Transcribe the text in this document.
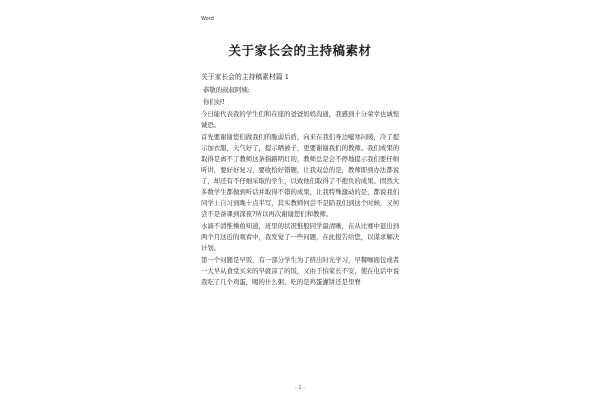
Word
关于家长会的主持稿素材
关于家长会的主持稿素材篇 1

恭敬的叔叔阿姨:

你们好!

今日能代表我的学生们和在座的爸爸妈妈沟通，我感到十分荣幸也诚惶诚恐。

首先要谢谢您们做我们的脆弱后盾，向来在我们身边嘘寒问暖，冷了提示加衣服，天气好了，提示晒被子，更要谢谢我们的教师。我们成果的取得是离不了教师这条指路明灯的，教师总是会不停地提示我们要仔细听讲，要好好复习，要收拾好错题，让我双总的是，教师即到办法都说了，却还有不仔细采取的学生，以致他们取得了不抱负的成果。固然大多数学生都做到听话并取得不错的成果，让我特殊激动的是，都说我们同学上自习到晚十点半写，其实教师何尝不是陪我们到这个时候，又何尝不是备课到深夜?所以再次谢谢您们和教师。

水滴不清惟操鱼知道，班里的状况惟般同学最清晰，在从比赛中退出到两个月这近的观看中，我发觉了一些问题，在此报告给您，以谋求解决计划。

第一个问题是早饭，有一部分学生为了挤出时光学习，早餐咖面包或者一大早从食堂买来的早就凉了的饭，又由于怕家长不安，使在电话中说我吃了几个鸡蛋，喝的什么粥，吃的是鸡蛋灌饼还是里脊

- 1 -
